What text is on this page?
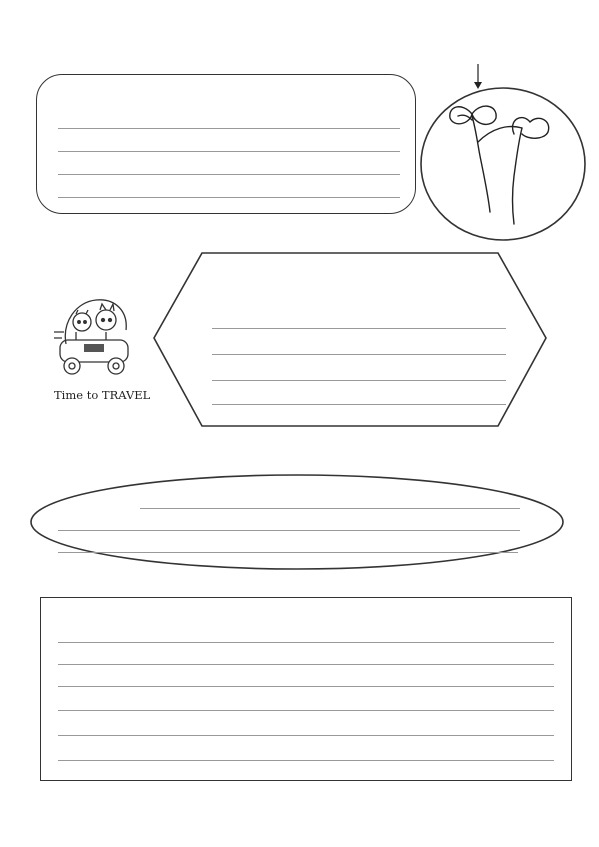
Time to TRAVEL
